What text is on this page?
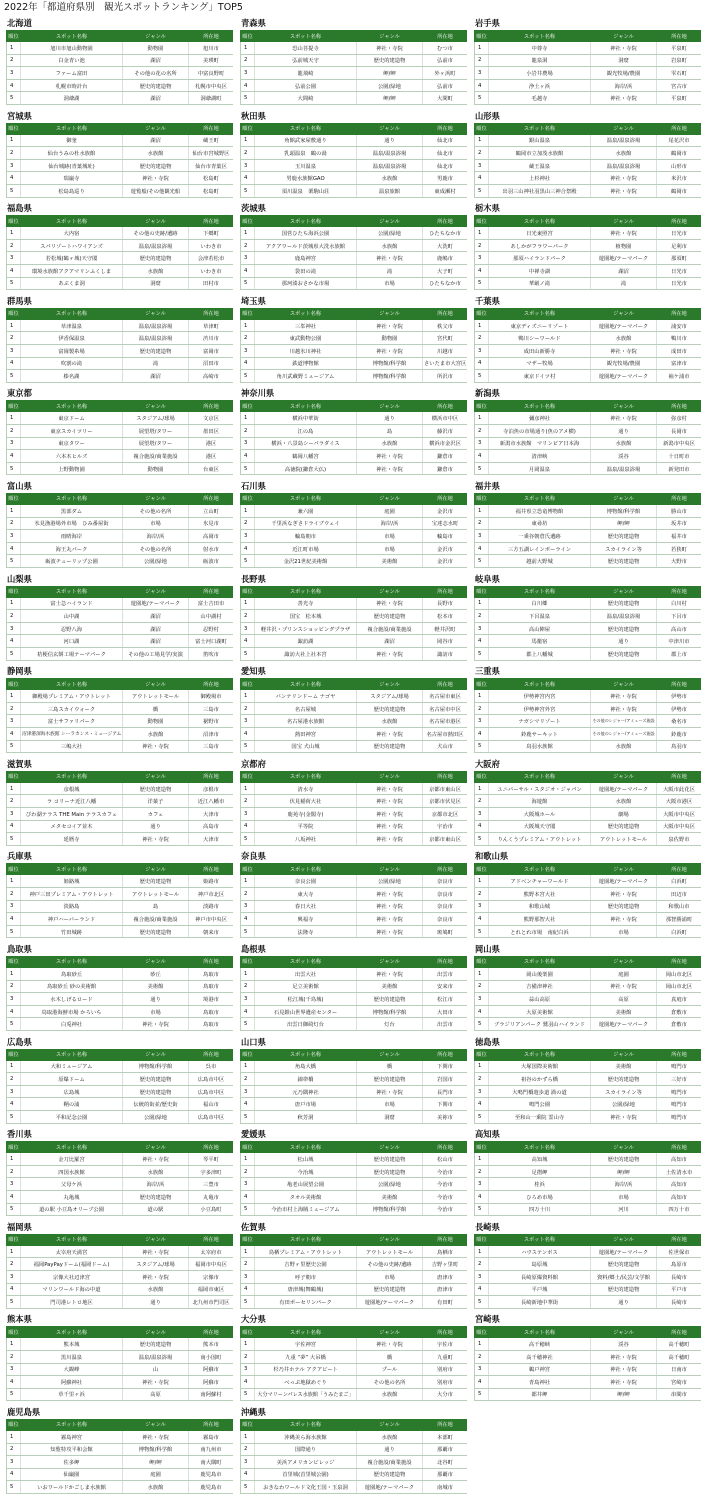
2022年「都道府県別　観光スポットランキング」TOP5
北海道
順位	スポット名称	ジャンル	所在地
1	旭川市旭山動物園	動物園	旭川市
2	白金青い池	湖沼	美瑛町
3	ファーム富田	その他の花の名所	中富良野町
4	札幌市時計台	歴史的建造物	札幌市中央区
5	洞爺湖	湖沼	洞爺湖町
青森県
順位	スポット名称	ジャンル	所在地
1	恐山菩提寺	神社・寺院	むつ市
2	弘前城天守	歴史的建造物	弘前市
3	龍飛崎	岬/岬	外ヶ浜町
4	弘前公園	公園/緑地	弘前市
5	大間崎	岬/岬	大間町
岩手県
順位	スポット名称	ジャンル	所在地
1	中尊寺	神社・寺院	平泉町
2	龍泉洞	洞窟	岩泉町
3	小岩井農場	観光牧場/農園	雫石町
4	浄土ヶ浜	海岸/浜	宮古市
5	毛越寺	神社・寺院	平泉町
宮城県
順位	スポット名称	ジャンル	所在地
1	御釜	湖沼	蔵王町
2	仙台うみの杜水族館	水族館	仙台市宮城野区
3	仙台城跡(青葉城址)	歴史的建造物	仙台市青葉区
4	瑞巌寺	神社・寺院	松島町
5	松島島巡り	遊覧船/その他観光船	松島町
秋田県
順位	スポット名称	ジャンル	所在地
1	角館武家屋敷通り	通り	仙北市
2	乳頭温泉　鶴の湯	温泉/温泉浴場	仙北市
3	玉川温泉	温泉/温泉浴場	仙北市
4	男鹿水族館GAO	水族館	男鹿市
5	須川温泉　栗駒山荘	温泉旅館	東成瀬村
山形県
順位	スポット名称	ジャンル	所在地
1	銀山温泉	温泉/温泉浴場	尾花沢市
2	鶴岡市立加茂水族館	水族館	鶴岡市
3	蔵王温泉	温泉/温泉浴場	山形市
4	上杉神社	神社・寺院	米沢市
5	出羽三山神社羽黒山三神合祭殿	神社・寺院	鶴岡市
福島県
順位	スポット名称	ジャンル	所在地
1	大内宿	その他の史跡/遺跡	下郷町
2	スパリゾートハワイアンズ	温泉/温泉浴場	いわき市
3	若松城(鶴ヶ城)天守閣	歴史的建造物	会津若松市
4	環境水族館アクアマリンふくしま	水族館	いわき市
5	あぶくま洞	洞窟	田村市
茨城県
順位	スポット名称	ジャンル	所在地
1	国営ひたち海浜公園	公園/緑地	ひたちなか市
2	アクアワールド茨城県大洗水族館	水族館	大洗町
3	鹿島神宮	神社・寺院	鹿嶋市
4	袋田の滝	滝	大子町
5	那珂湊おさかな市場	市場	ひたちなか市
栃木県
順位	スポット名称	ジャンル	所在地
1	日光東照宮	神社・寺院	日光市
2	あしかがフラワーパーク	植物園	足利市
3	那須ハイランドパーク	遊園地/テーマパーク	那須町
4	中禅寺湖	湖沼	日光市
5	華厳ノ滝	滝	日光市
群馬県
順位	スポット名称	ジャンル	所在地
1	草津温泉	温泉/温泉浴場	草津町
2	伊香保温泉	温泉/温泉浴場	渋川市
3	富岡製糸場	歴史的建造物	富岡市
4	吹割の滝	滝	沼田市
5	榛名湖	湖沼	高崎市
埼玉県
順位	スポット名称	ジャンル	所在地
1	三峯神社	神社・寺院	秩父市
2	東武動物公園	動物園	宮代町
3	川越氷川神社	神社・寺院	川越市
4	鉄道博物館	博物館/科学館	さいたま市大宮区
5	角川武蔵野ミュージアム	博物館/科学館	所沢市
千葉県
順位	スポット名称	ジャンル	所在地
1	東京ディズニーリゾート	遊園地/テーマパーク	浦安市
2	鴨川シーワールド	水族館	鴨川市
3	成田山新勝寺	神社・寺院	成田市
4	マザー牧場	観光牧場/農園	富津市
5	東京ドイツ村	遊園地/テーマパーク	袖ケ浦市
東京都
順位	スポット名称	ジャンル	所在地
1	東京ドーム	スタジアム/球場	文京区
2	東京スカイツリー	展望塔/タワー	墨田区
3	東京タワー	展望塔/タワー	港区
4	六本木ヒルズ	複合施設/商業施設	港区
5	上野動物園	動物園	台東区
神奈川県
順位	スポット名称	ジャンル	所在地
1	横浜中華街	通り	横浜市中区
2	江の島	島	藤沢市
3	横浜・八景島シーパラダイス	水族館	横浜市金沢区
4	鶴岡八幡宮	神社・寺院	鎌倉市
5	高徳院(鎌倉大仏)	神社・寺院	鎌倉市
新潟県
順位	スポット名称	ジャンル	所在地
1	彌彦神社	神社・寺院	弥彦村
2	寺泊魚の市場通り(魚のアメ横)	通り	長岡市
3	新潟市水族館　マリンピア日本海	水族館	新潟市中央区
4	清津峡	渓谷	十日町市
5	月岡温泉	温泉/温泉浴場	新発田市
富山県
順位	スポット名称	ジャンル	所在地
1	黒部ダム	その他の名所	立山町
2	氷見漁港場外市場　ひみ番屋街	市場	氷見市
3	雨晴海岸	海岸/浜	高岡市
4	海王丸パーク	その他の名所	射水市
5	砺波チューリップ公園	公園/緑地	砺波市
石川県
順位	スポット名称	ジャンル	所在地
1	兼六園	庭園	金沢市
2	千里浜なぎさドライブウェイ	海岸/浜	宝達志水町
3	輪島朝市	市場	輪島市
4	近江町市場	市場	金沢市
5	金沢21世紀美術館	美術館	金沢市
福井県
順位	スポット名称	ジャンル	所在地
1	福井県立恐竜博物館	博物館/科学館	勝山市
2	東尋坊	岬/岬	坂井市
3	一乗谷朝倉氏遺跡	歴史的建造物	福井市
4	三方五湖レインボーライン	スカイライン等	若狭町
5	越前大野城	歴史的建造物	大野市
山梨県
順位	スポット名称	ジャンル	所在地
1	富士急ハイランド	遊園地/テーマパーク	富士吉田市
2	山中湖	湖沼	山中湖村
3	忍野八海	湖沼	忍野村
4	河口湖	湖沼	富士河口湖町
5	桔梗信玄餅工場テーマパーク	その他の工場見学/実演	笛吹市
長野県
順位	スポット名称	ジャンル	所在地
1	善光寺	神社・寺院	長野市
2	国宝　松本城	歴史的建造物	松本市
3	軽井沢・プリンスショッピングプラザ	複合施設/商業施設	軽井沢町
4	諏訪湖	湖沼	岡谷市
5	諏訪大社上社本宮	神社・寺院	諏訪市
岐阜県
順位	スポット名称	ジャンル	所在地
1	白川郷	歴史的建造物	白川村
2	下呂温泉	温泉/温泉浴場	下呂市
3	高山陣屋	歴史的建造物	高山市
4	馬籠宿	通り	中津川市
5	郡上八幡城	歴史的建造物	郡上市
静岡県
順位	スポット名称	ジャンル	所在地
1	御殿場プレミアム・アウトレット	アウトレットモール	御殿場市
2	三島スカイウォーク	橋	三島市
3	富士サファリパーク	動物園	裾野市
4	沼津港深海水族館 シーラカンス・ミュージアム	水族館	沼津市
5	三嶋大社	神社・寺院	三島市
愛知県
順位	スポット名称	ジャンル	所在地
1	バンテリンドーム ナゴヤ	スタジアム/球場	名古屋市東区
2	名古屋城	歴史的建造物	名古屋市中区
3	名古屋港水族館	水族館	名古屋市港区
4	熱田神宮	神社・寺院	名古屋市熱田区
5	国宝 犬山城	歴史的建造物	犬山市
三重県
順位	スポット名称	ジャンル	所在地
1	伊勢神宮内宮	神社・寺院	伊勢市
2	伊勢神宮外宮	神社・寺院	伊勢市
3	ナガシマリゾート	その他のレジャー/アミューズ施設	桑名市
4	鈴鹿サーキット	その他のレジャー/アミューズ施設	鈴鹿市
5	鳥羽水族館	水族館	鳥羽市
滋賀県
順位	スポット名称	ジャンル	所在地
1	彦根城	歴史的建造物	彦根市
2	ラ コリーナ近江八幡	洋菓子	近江八幡市
3	びわ湖テラス THE Main テラスカフェ	カフェ	大津市
4	メタセコイア並木	通り	高島市
5	延暦寺	神社・寺院	大津市
京都府
順位	スポット名称	ジャンル	所在地
1	清水寺	神社・寺院	京都市東山区
2	伏見稲荷大社	神社・寺院	京都市伏見区
3	鹿苑寺(金閣寺)	神社・寺院	京都市北区
4	平等院	神社・寺院	宇治市
5	八坂神社	神社・寺院	京都市東山区
大阪府
順位	スポット名称	ジャンル	所在地
1	ユニバーサル・スタジオ・ジャパン	遊園地/テーマパーク	大阪市此花区
2	海遊館	水族館	大阪市港区
3	大阪城ホール	劇場	大阪市中央区
4	大阪城天守閣	歴史的建造物	大阪市中央区
5	りんくうプレミアム・アウトレット	アウトレットモール	泉佐野市
兵庫県
順位	スポット名称	ジャンル	所在地
1	姫路城	歴史的建造物	姫路市
2	神戸三田プレミアム・アウトレット	アウトレットモール	神戸市北区
3	淡路島	島	淡路市
4	神戸ハーバーランド	複合施設/商業施設	神戸市中央区
5	竹田城跡	歴史的建造物	朝来市
奈良県
順位	スポット名称	ジャンル	所在地
1	奈良公園	公園/緑地	奈良市
2	東大寺	神社・寺院	奈良市
3	春日大社	神社・寺院	奈良市
4	興福寺	神社・寺院	奈良市
5	法隆寺	神社・寺院	斑鳩町
和歌山県
順位	スポット名称	ジャンル	所在地
1	アドベンチャーワールド	遊園地/テーマパーク	白浜町
2	熊野本宮大社	神社・寺院	田辺市
3	和歌山城	歴史的建造物	和歌山市
4	熊野那智大社	神社・寺院	那智勝浦町
5	とれとれ市場　南紀白浜	市場	白浜町
鳥取県
順位	スポット名称	ジャンル	所在地
1	鳥取砂丘	砂丘	鳥取市
2	鳥取砂丘 砂の美術館	美術館	鳥取市
3	水木しげるロード	通り	境港市
4	鳥取港海鮮市場 かろいち	市場	鳥取市
5	白兎神社	神社・寺院	鳥取市
島根県
順位	スポット名称	ジャンル	所在地
1	出雲大社	神社・寺院	出雲市
2	足立美術館	美術館	安来市
3	松江城(千鳥城)	歴史的建造物	松江市
4	石見銀山世界遺産センター	博物館/科学館	大田市
5	出雲日御碕灯台	灯台	出雲市
岡山県
順位	スポット名称	ジャンル	所在地
1	岡山後楽園	庭園	岡山市北区
2	吉備津神社	神社・寺院	岡山市北区
3	蒜山高原	高原	真庭市
4	大原美術館	美術館	倉敷市
5	ブラジリアンパーク 鷲羽山ハイランド	遊園地/テーマパーク	倉敷市
広島県
順位	スポット名称	ジャンル	所在地
1	大和ミュージアム	博物館/科学館	呉市
2	原爆ドーム	歴史的建造物	広島市中区
3	広島城	歴史的建造物	広島市中区
4	鞆の浦	伝統的街並/歴史街	福山市
5	平和記念公園	公園/緑地	広島市中区
山口県
順位	スポット名称	ジャンル	所在地
1	角島大橋	橋	下関市
2	錦帯橋	歴史的建造物	岩国市
3	元乃隅神社	神社・寺院	長門市
4	唐戸市場	市場	下関市
5	秋芳洞	洞窟	美祢市
徳島県
順位	スポット名称	ジャンル	所在地
1	大塚国際美術館	美術館	鳴門市
2	祖谷のかずら橋	歴史的建造物	三好市
3	大鳴門橋遊歩道 渦の道	スカイライン等	鳴門市
4	鳴門公園	公園/緑地	鳴門市
5	至和山一乗院 霊山寺	神社・寺院	鳴門市
香川県
順位	スポット名称	ジャンル	所在地
1	金刀比羅宮	神社・寺院	琴平町
2	四国水族館	水族館	宇多津町
3	父母ケ浜	海岸/浜	三豊市
4	丸亀城	歴史的建造物	丸亀市
5	道の駅 小豆島オリーブ公園	道の駅	小豆島町
愛媛県
順位	スポット名称	ジャンル	所在地
1	松山城	歴史的建造物	松山市
2	今治城	歴史的建造物	今治市
3	亀老山展望公園	公園/緑地	今治市
4	タオル美術館	美術館	今治市
5	今治市村上海賊ミュージアム	博物館/科学館	今治市
高知県
順位	スポット名称	ジャンル	所在地
1	高知城	歴史的建造物	高知市
2	足摺岬	岬/岬	土佐清水市
3	桂浜	海岸/浜	高知市
4	ひろめ市場	市場	高知市
5	四万十川	河川	四万十市
福岡県
順位	スポット名称	ジャンル	所在地
1	太宰府天満宮	神社・寺院	太宰府市
2	福岡PayPayドーム(福岡ドーム)	スタジアム/球場	福岡市中央区
3	宗像大社辺津宮	神社・寺院	宗像市
4	マリンワールド海の中道	水族館	福岡市東区
5	門司港レトロ地区	通り	北九州市門司区
佐賀県
順位	スポット名称	ジャンル	所在地
1	鳥栖プレミアム・アウトレット	アウトレットモール	鳥栖市
2	吉野ヶ里歴史公園	その他の史跡/遺跡	吉野ヶ里町
3	呼子朝市	市場	唐津市
4	唐津城(舞鶴城)	歴史的建造物	唐津市
5	有田ポーセリンパーク	遊園地/テーマパーク	有田町
長崎県
順位	スポット名称	ジャンル	所在地
1	ハウステンボス	遊園地/テーマパーク	佐世保市
2	島原城	歴史的建造物	島原市
3	長崎原爆資料館	資料/郷土/民芸/文学館	長崎市
4	平戸城	歴史的建造物	平戸市
5	長崎新地中華街	通り	長崎市
熊本県
順位	スポット名称	ジャンル	所在地
1	熊本城	歴史的建造物	熊本市
2	黒川温泉	温泉/温泉浴場	南小国町
3	大観峰	山	阿蘇市
4	阿蘇神社	神社・寺院	阿蘇市
5	草千里ヶ浜	高原	南阿蘇村
大分県
順位	スポット名称	ジャンル	所在地
1	宇佐神宮	神社・寺院	宇佐市
2	九重 “夢” 大吊橋	橋	九重町
3	杉乃井ホテル アクアビート	プール	別府市
4	べっぷ地獄めぐり	その他の名所	別府市
5	大分マリーンパレス水族館「うみたまご」	水族館	大分市
宮崎県
順位	スポット名称	ジャンル	所在地
1	高千穂峡	渓谷	高千穂町
2	高千穂神社	神社・寺院	高千穂町
3	鵜戸神宮	神社・寺院	日南市
4	青島神社	神社・寺院	宮崎市
5	都井岬	岬/岬	串間市
鹿児島県
順位	スポット名称	ジャンル	所在地
1	霧島神宮	神社・寺院	霧島市
2	知覧特攻平和会館	博物館/科学館	南九州市
3	佐多岬	岬/岬	南大隅町
4	仙巌園	庭園	鹿児島市
5	いおワールドかごしま水族館	水族館	鹿児島市
沖縄県
順位	スポット名称	ジャンル	所在地
1	沖縄美ら海水族館	水族館	本部町
2	国際通り	通り	那覇市
3	美浜アメリカンビレッジ	複合施設/商業施設	北谷町
4	首里城(首里城公園)	歴史的建造物	那覇市
5	おきなわワールド文化王国・玉泉洞	遊園地/テーマパーク	南城市
